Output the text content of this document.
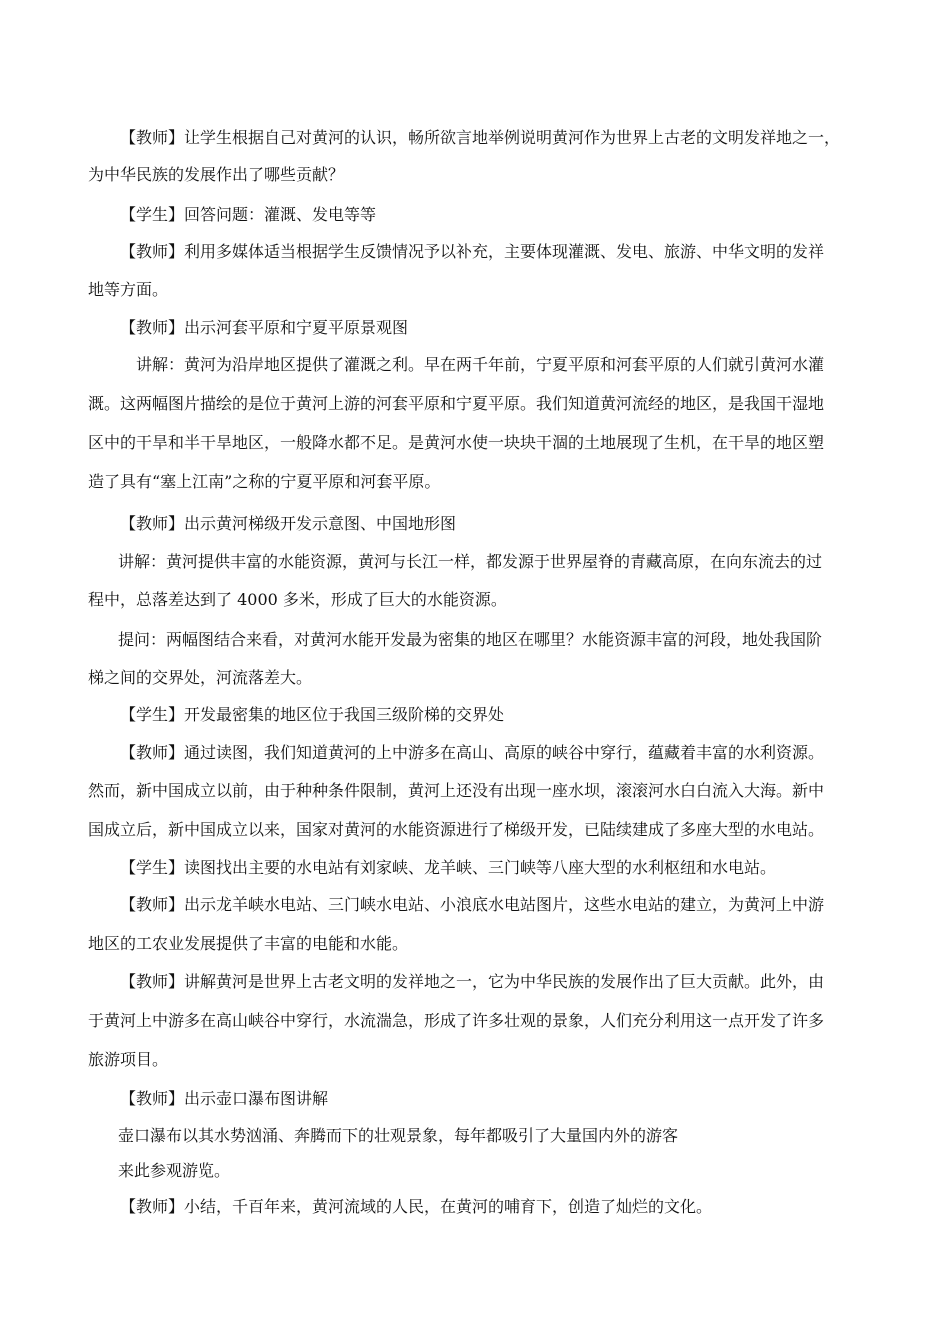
【教师】让学生根据自己对黄河的认识，畅所欲言地举例说明黄河作为世界上古老的文明发祥地之一，
为中华民族的发展作出了哪些贡献？
【学生】回答问题：灌溉、发电等等
【教师】利用多媒体适当根据学生反馈情况予以补充，主要体现灌溉、发电、旅游、中华文明的发祥
地等方面。
【教师】出示河套平原和宁夏平原景观图
讲解：黄河为沿岸地区提供了灌溉之利。早在两千年前，宁夏平原和河套平原的人们就引黄河水灌
溉。这两幅图片描绘的是位于黄河上游的河套平原和宁夏平原。我们知道黄河流经的地区，是我国干湿地
区中的干旱和半干旱地区，一般降水都不足。是黄河水使一块块干涸的土地展现了生机，在干旱的地区塑
造了具有“塞上江南”之称的宁夏平原和河套平原。
【教师】出示黄河梯级开发示意图、中国地形图
讲解：黄河提供丰富的水能资源，黄河与长江一样，都发源于世界屋脊的青藏高原，在向东流去的过
程中，总落差达到了 4000 多米，形成了巨大的水能资源。
提问：两幅图结合来看，对黄河水能开发最为密集的地区在哪里？水能资源丰富的河段，地处我国阶
梯之间的交界处，河流落差大。
【学生】开发最密集的地区位于我国三级阶梯的交界处
【教师】通过读图，我们知道黄河的上中游多在高山、高原的峡谷中穿行，蕴藏着丰富的水利资源。
然而，新中国成立以前，由于种种条件限制，黄河上还没有出现一座水坝，滚滚河水白白流入大海。新中
国成立后，新中国成立以来，国家对黄河的水能资源进行了梯级开发，已陆续建成了多座大型的水电站。
【学生】读图找出主要的水电站有刘家峡、龙羊峡、三门峡等八座大型的水利枢纽和水电站。
【教师】出示龙羊峡水电站、三门峡水电站、小浪底水电站图片，这些水电站的建立，为黄河上中游
地区的工农业发展提供了丰富的电能和水能。
【教师】讲解黄河是世界上古老文明的发祥地之一，它为中华民族的发展作出了巨大贡献。此外，由
于黄河上中游多在高山峡谷中穿行，水流湍急，形成了许多壮观的景象，人们充分利用这一点开发了许多
旅游项目。
【教师】出示壶口瀑布图讲解
壶口瀑布以其水势汹涌、奔腾而下的壮观景象，每年都吸引了大量国内外的游客
来此参观游览。
【教师】小结，千百年来，黄河流域的人民，在黄河的哺育下，创造了灿烂的文化。
